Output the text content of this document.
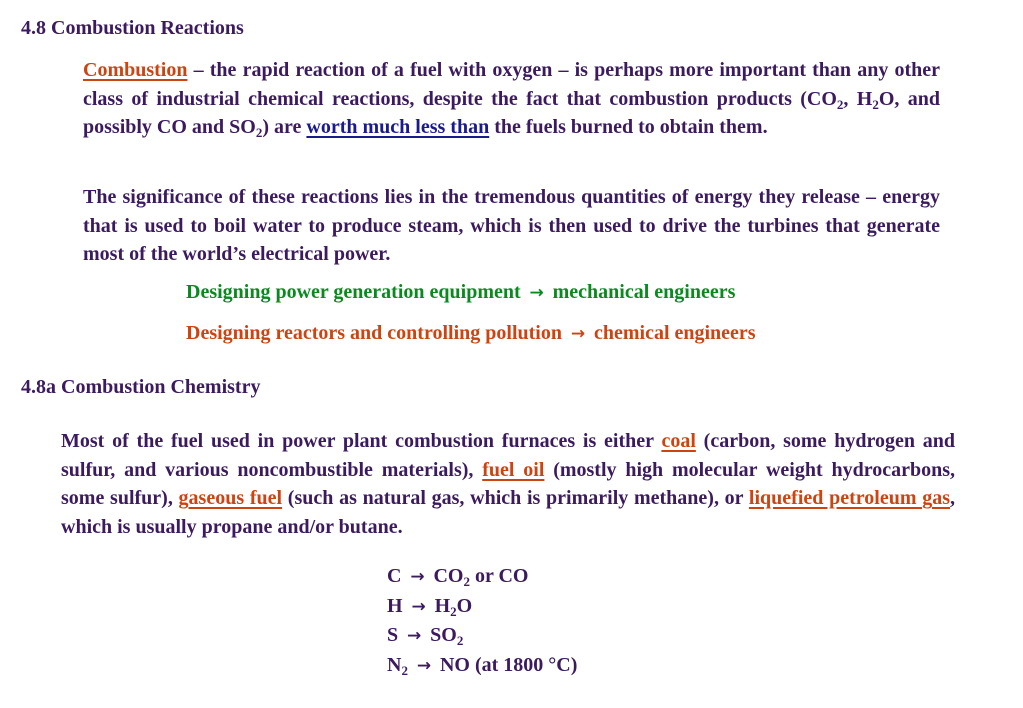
4.8 Combustion Reactions
Combustion – the rapid reaction of a fuel with oxygen – is perhaps more important than any other class of industrial chemical reactions, despite the fact that combustion products ($CO_2$, $H_2O$, and possibly CO and $SO_2$) are worth much less than the fuels burned to obtain them.
The significance of these reactions lies in the tremendous quantities of energy they release – energy that is used to boil water to produce steam, which is then used to drive the turbines that generate most of the world’s electrical power.
Designing power generation equipment → mechanical engineers
Designing reactors and controlling pollution → chemical engineers
4.8a Combustion Chemistry
Most of the fuel used in power plant combustion furnaces is either coal (carbon, some hydrogen and sulfur, and various noncombustible materials), fuel oil (mostly high molecular weight hydrocarbons, some sulfur), gaseous fuel (such as natural gas, which is primarily methane), or liquefied petroleum gas, which is usually propane and/or butane.
$C \to CO_2$ or CO
$H \to H_2O$
$S \to SO_2$
$N_2$ → NO (at 1800 °C)
